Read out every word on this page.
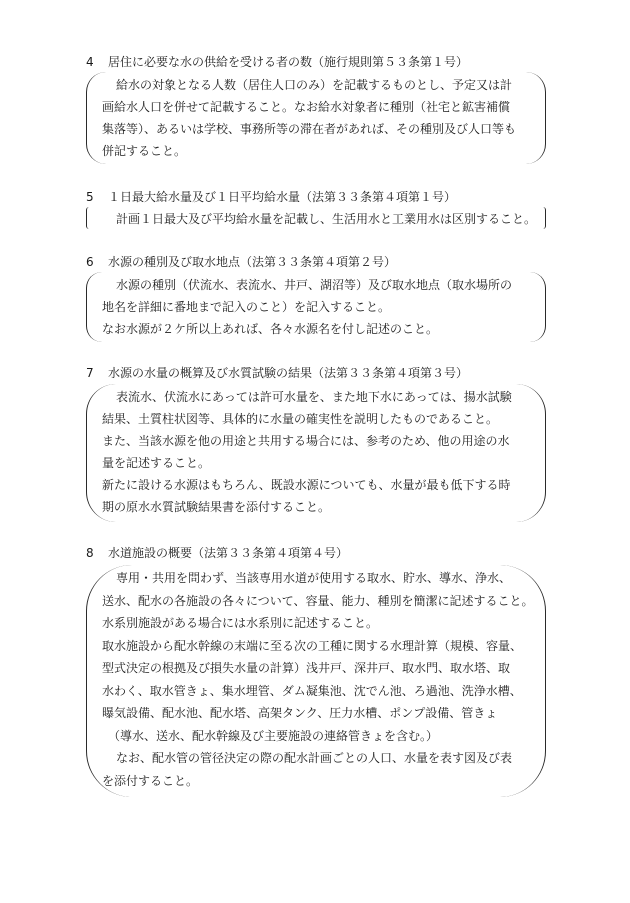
4 居住に必要な水の供給を受ける者の数（施行規則第５３条第１号）
給水の対象となる人数（居住人口のみ）を記載するものとし、予定又は計
画給水人口を併せて記載すること。なお給水対象者に種別（社宅と鉱害補償
集落等）、あるいは学校、事務所等の滞在者があれば、その種別及び人口等も
併記すること。
5 １日最大給水量及び１日平均給水量（法第３３条第４項第１号）
計画１日最大及び平均給水量を記載し、生活用水と工業用水は区別すること。
6 水源の種別及び取水地点（法第３３条第４項第２号）
水源の種別（伏流水、表流水、井戸、湖沼等）及び取水地点（取水場所の
地名を詳細に番地まで記入のこと）を記入すること。
なお水源が２ケ所以上あれば、各々水源名を付し記述のこと。
7 水源の水量の概算及び水質試験の結果（法第３３条第４項第３号）
表流水、伏流水にあっては許可水量を、また地下水にあっては、揚水試験
結果、土質柱状図等、具体的に水量の確実性を説明したものであること。
また、当該水源を他の用途と共用する場合には、参考のため、他の用途の水
量を記述すること。
新たに設ける水源はもちろん、既設水源についても、水量が最も低下する時
期の原水水質試験結果書を添付すること。
8 水道施設の概要（法第３３条第４項第４号）
専用・共用を問わず、当該専用水道が使用する取水、貯水、導水、浄水、
送水、配水の各施設の各々について、容量、能力、種別を簡潔に記述すること。
水系別施設がある場合には水系別に記述すること。
取水施設から配水幹線の末端に至る次の工種に関する水理計算（規模、容量、
型式決定の根拠及び損失水量の計算）浅井戸、深井戸、取水門、取水塔、取
水わく、取水管きょ、集水埋管、ダム凝集池、沈でん池、ろ過池、洗浄水槽、
曝気設備、配水池、配水塔、高架タンク、圧力水槽、ポンプ設備、管きょ
（導水、送水、配水幹線及び主要施設の連絡管きょを含む。）
なお、配水管の管径決定の際の配水計画ごとの人口、水量を表す図及び表
を添付すること。
